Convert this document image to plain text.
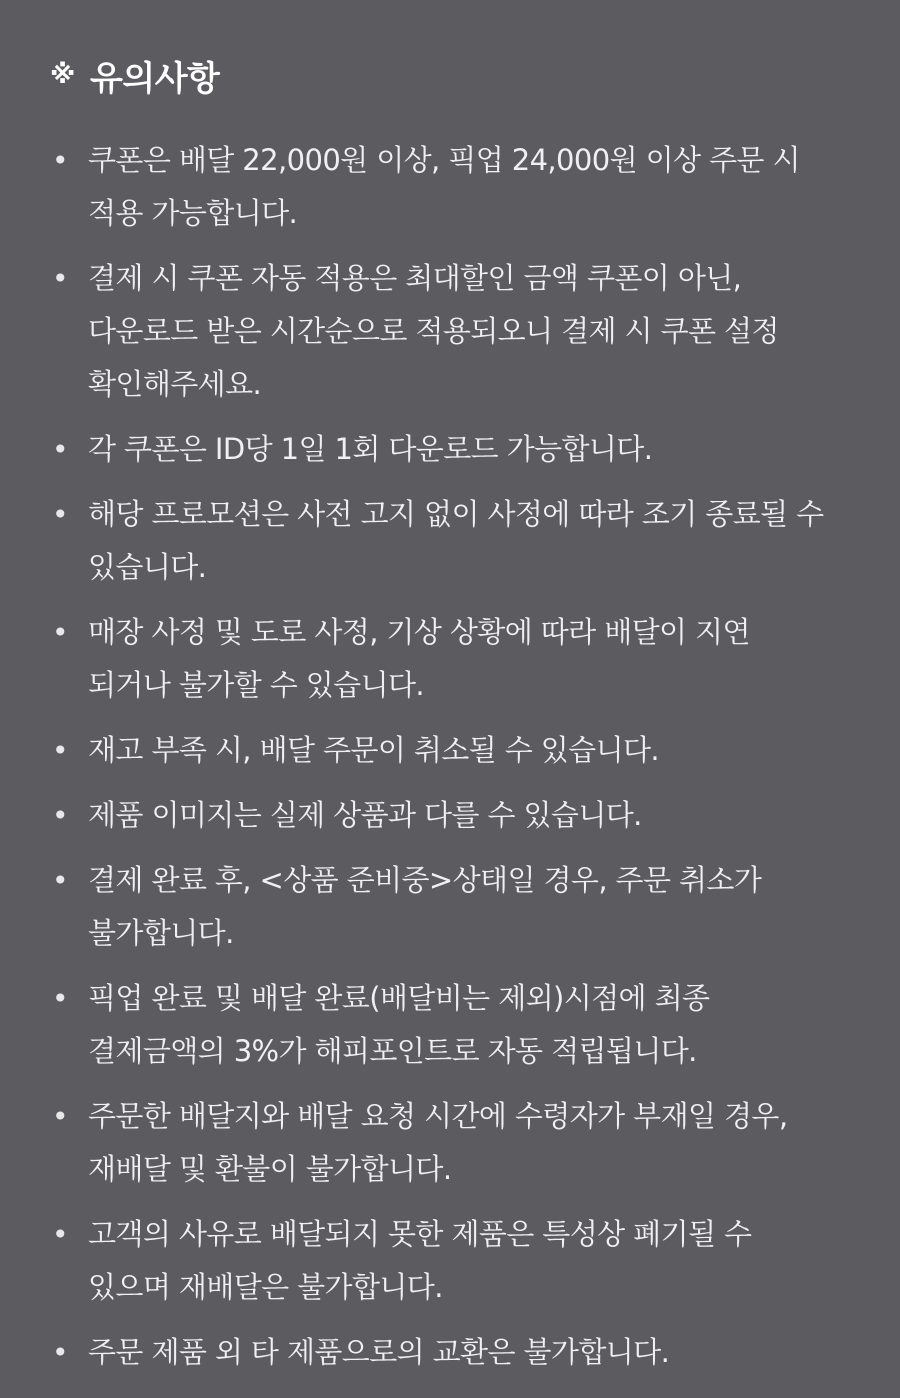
※ 유의사항
• 쿠폰은 배달 22,000원 이상, 픽업 24,000원 이상 주문 시 적용 가능합니다.
• 결제 시 쿠폰 자동 적용은 최대할인 금액 쿠폰이 아닌, 다운로드 받은 시간순으로 적용되오니 결제 시 쿠폰 설정 확인해주세요.
• 각 쿠폰은 ID당 1일 1회 다운로드 가능합니다.
• 해당 프로모션은 사전 고지 없이 사정에 따라 조기 종료될 수 있습니다.
• 매장 사정 및 도로 사정, 기상 상황에 따라 배달이 지연 되거나 불가할 수 있습니다.
• 재고 부족 시, 배달 주문이 취소될 수 있습니다.
• 제품 이미지는 실제 상품과 다를 수 있습니다.
• 결제 완료 후, <상품 준비중>상태일 경우, 주문 취소가 불가합니다.
• 픽업 완료 및 배달 완료(배달비는 제외)시점에 최종 결제금액의 3%가 해피포인트로 자동 적립됩니다.
• 주문한 배달지와 배달 요청 시간에 수령자가 부재일 경우, 재배달 및 환불이 불가합니다.
• 고객의 사유로 배달되지 못한 제품은 특성상 폐기될 수 있으며 재배달은 불가합니다.
• 주문 제품 외 타 제품으로의 교환은 불가합니다.
